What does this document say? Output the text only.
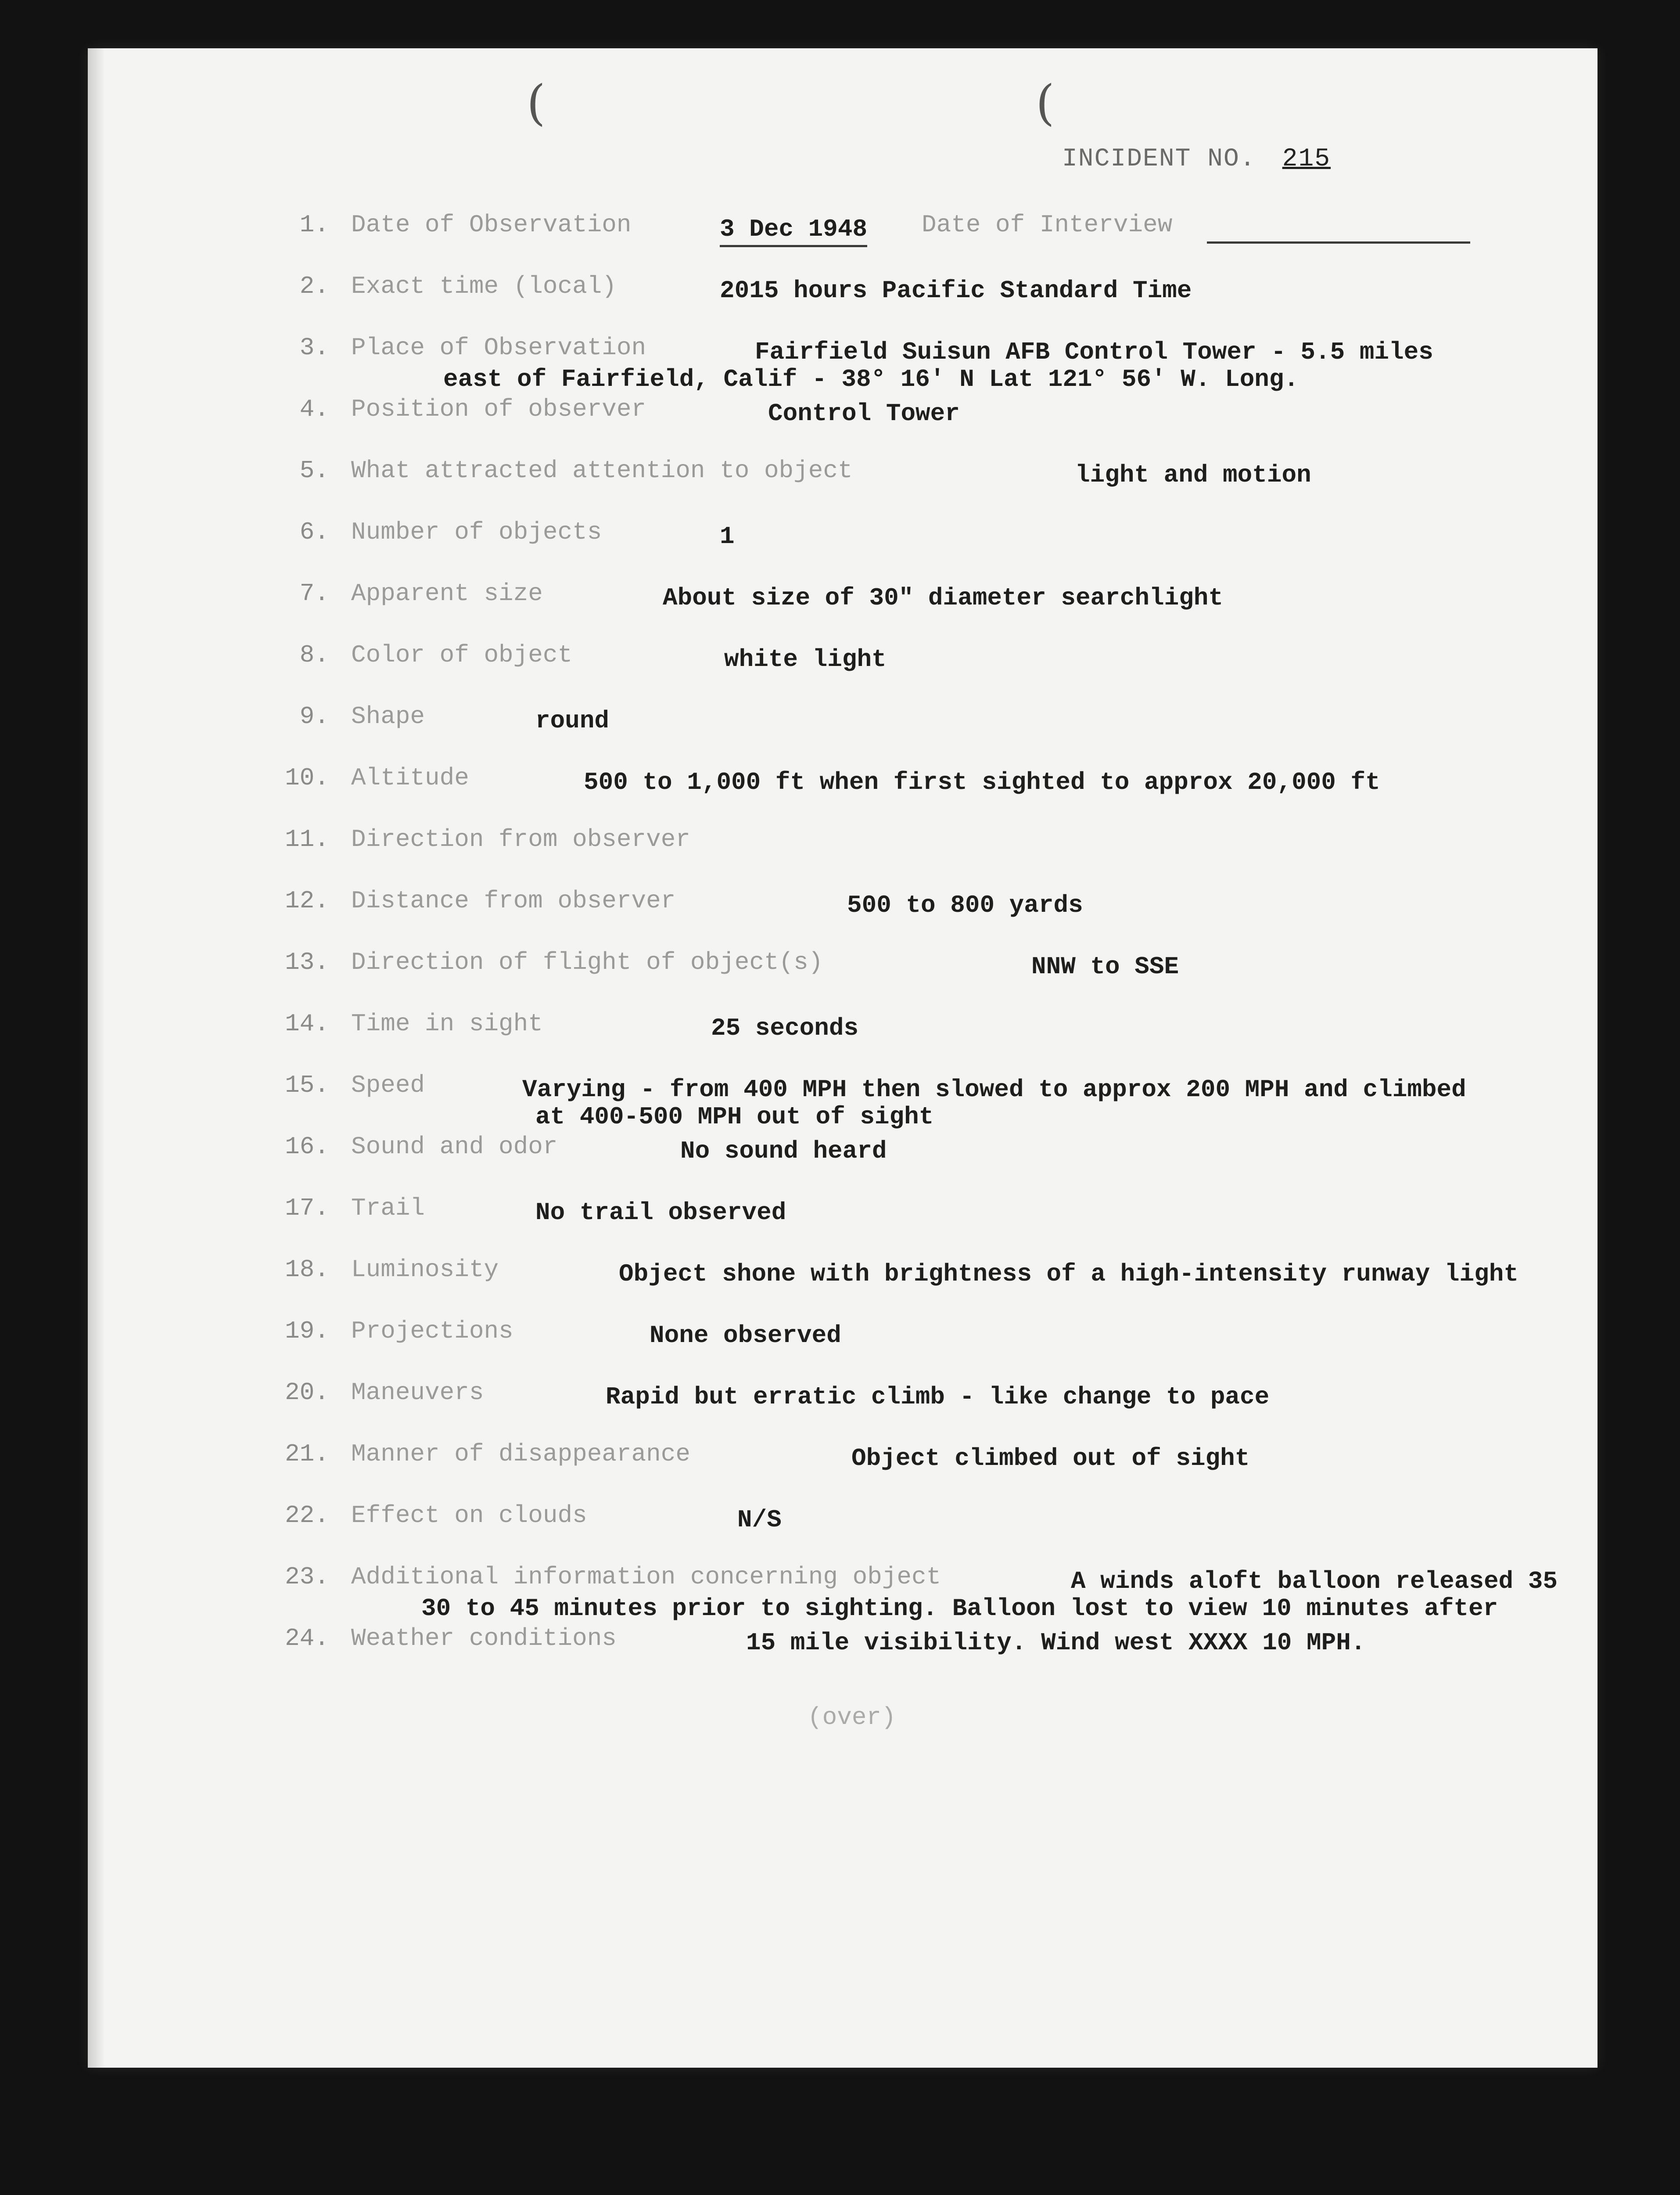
(	(
INCIDENT NO. 215
1. Date of Observation	3 Dec 1948 Date of Interview
2. Exact time (local)	2015 hours Pacific Standard Time
3. Place of Observation	Fairfield Suisun AFB Control Tower - 5.5 miles
east of Fairfield, Calif - 38° 16' N Lat 121° 56' W. Long.
4. Position of observer	Control Tower
5. What attracted attention to object	light and motion
6. Number of objects	1
7. Apparent size	About size of 30" diameter searchlight
8. Color of object	white light
9. Shape	round
10. Altitude	500 to 1,000 ft when first sighted to approx 20,000 ft
11. Direction from observer
12. Distance from observer	500 to 800 yards
13. Direction of flight of object(s)	NNW to SSE
14. Time in sight	25 seconds
15. Speed	Varying - from 400 MPH then slowed to approx 200 MPH and climbed
at 400-500 MPH out of sight
16. Sound and odor	No sound heard
17. Trail	No trail observed
18. Luminosity	Object shone with brightness of a high-intensity runway light
19. Projections	None observed
20. Maneuvers	Rapid but erratic climb - like change to pace
21. Manner of disappearance	Object climbed out of sight
22. Effect on clouds	N/S
23. Additional information concerning object	A winds aloft balloon released 35
30 to 45 minutes prior to sighting. Balloon lost to view 10 minutes after
24. Weather conditions	15 mile visibility. Wind west XXXX 10 MPH.
(over)
